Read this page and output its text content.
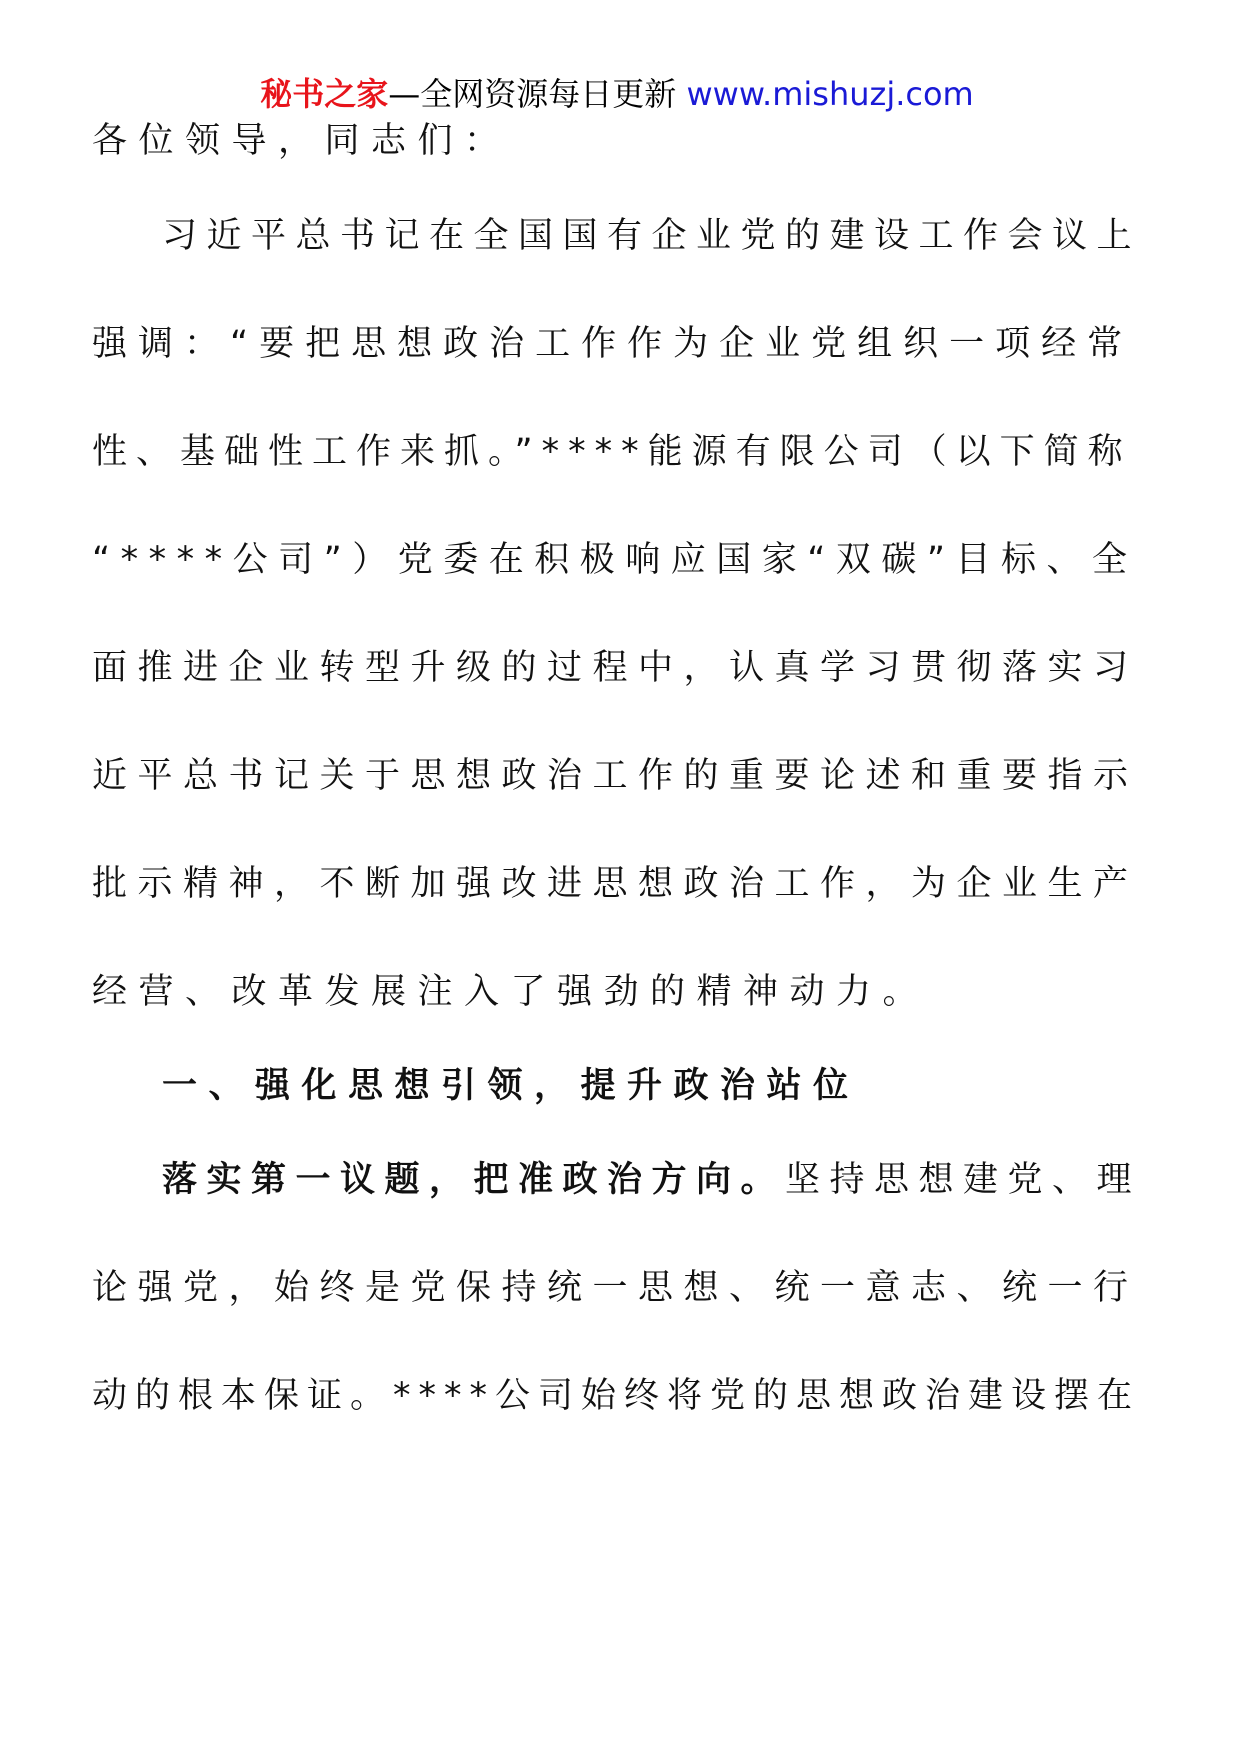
秘书之家—全网资源每日更新 www.mishuzj.com
各位领导，同志们：
习近平总书记在全国国有企业党的建设工作会议上
强调：“要把思想政治工作作为企业党组织一项经常
性、基础性工作来抓。”****能源有限公司（以下简称
“****公司”）党委在积极响应国家“双碳”目标、全
面推进企业转型升级的过程中，认真学习贯彻落实习
近平总书记关于思想政治工作的重要论述和重要指示
批示精神，不断加强改进思想政治工作，为企业生产
经营、改革发展注入了强劲的精神动力。
一、强化思想引领，提升政治站位
落实第一议题，把准政治方向。坚持思想建党、理
论强党，始终是党保持统一思想、统一意志、统一行
动的根本保证。****公司始终将党的思想政治建设摆在
